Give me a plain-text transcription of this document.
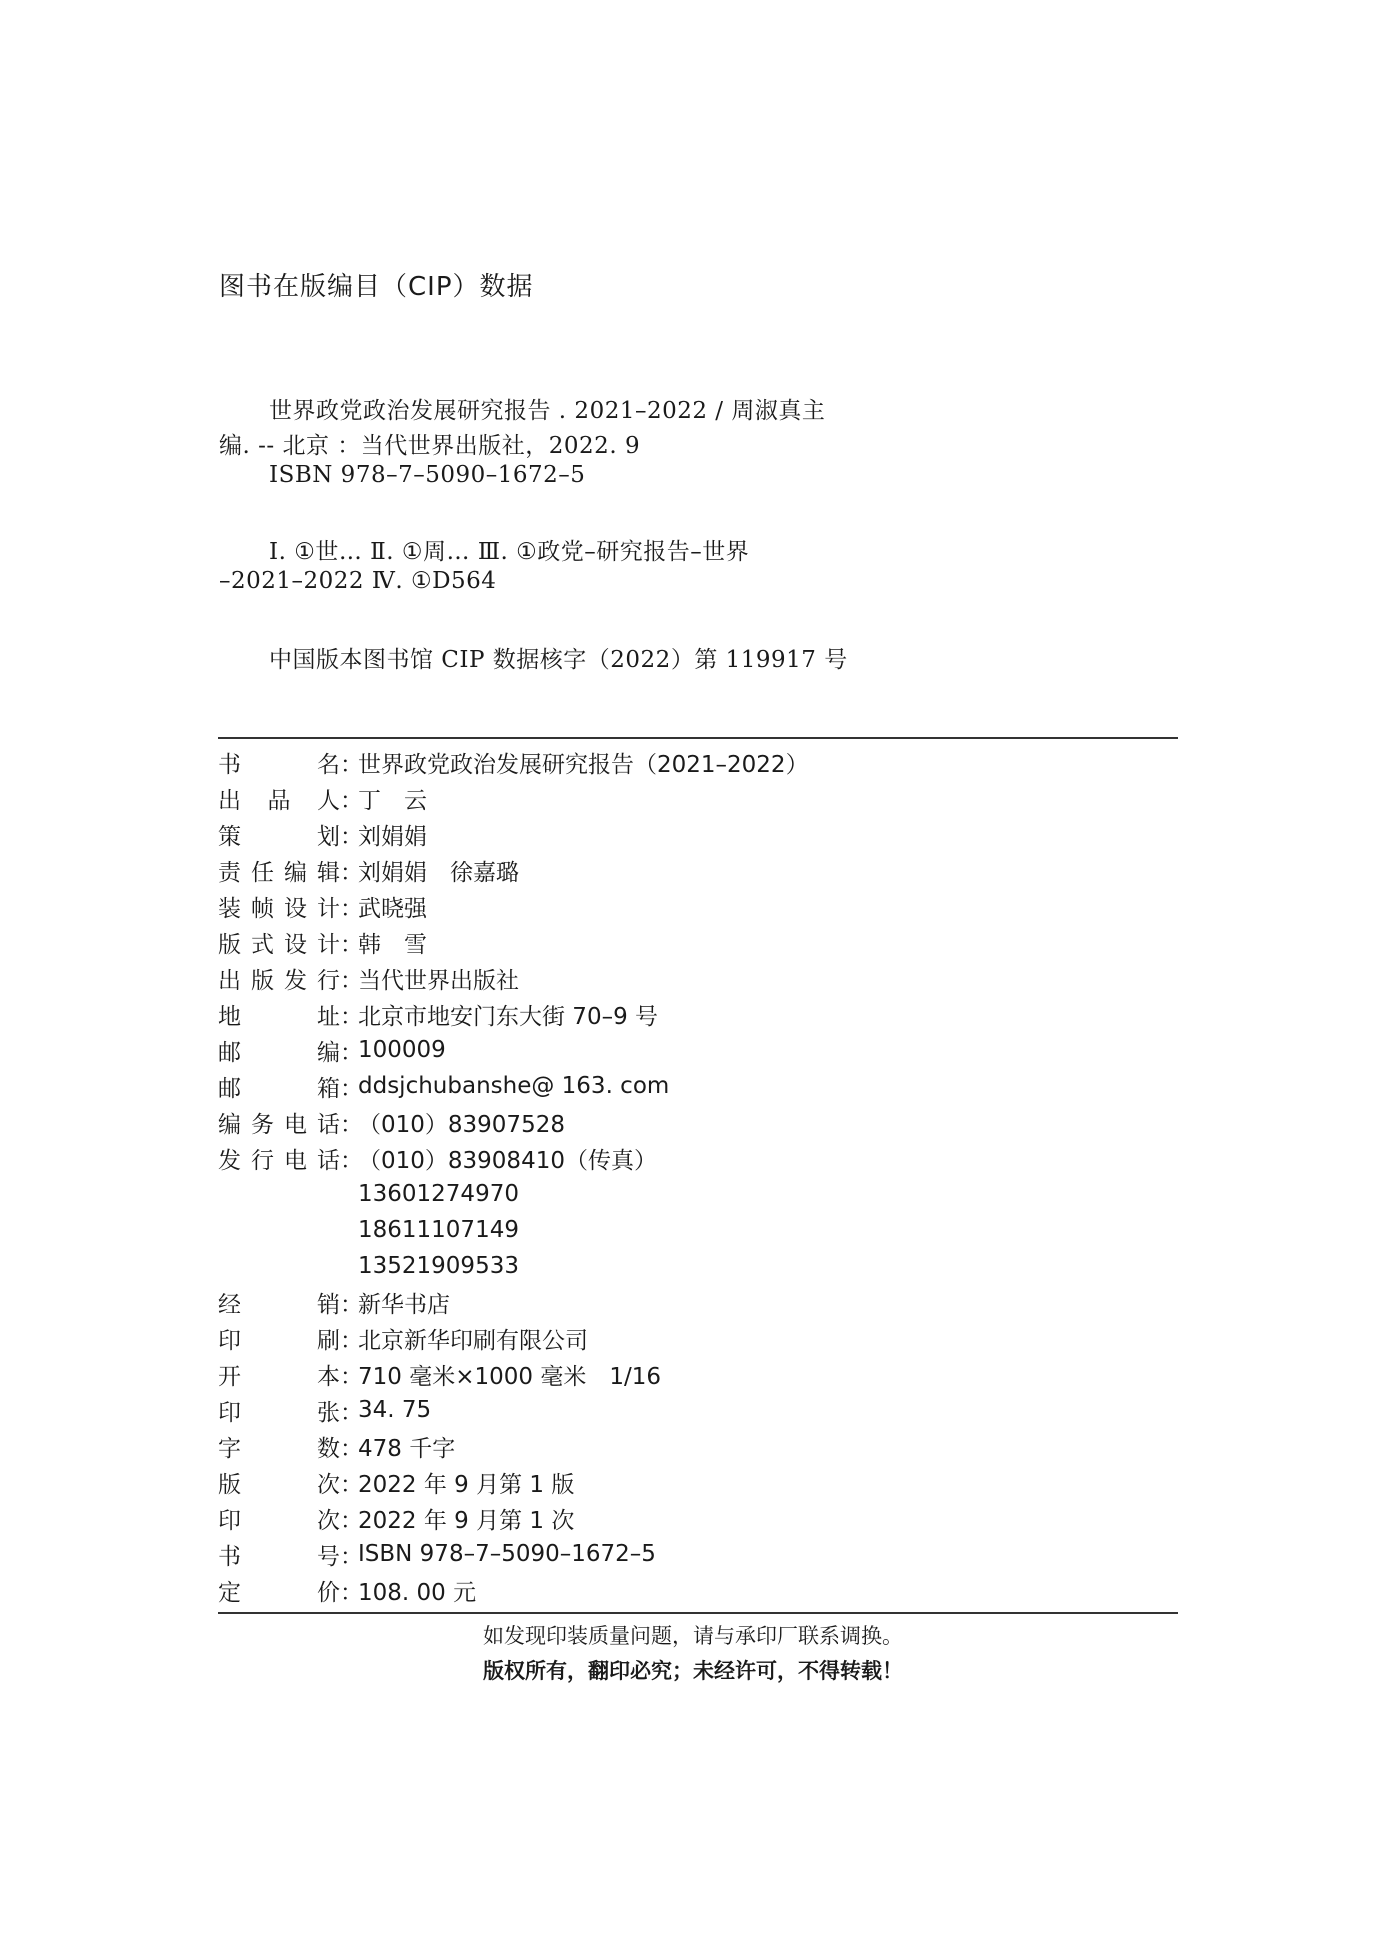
图书在版编目（CIP）数据
世界政党政治发展研究报告 . 2021–2022 / 周淑真主
编. -- 北京 ：当代世界出版社，2022. 9
ISBN 978–7–5090–1672–5
Ⅰ. ①世… Ⅱ. ①周… Ⅲ. ①政党–研究报告–世界
–2021–2022 Ⅳ. ①D564
中国版本图书馆 CIP 数据核字（2022）第 119917 号
书	名 ：
世界政党政治发展研究报告（2021–2022）
出 品 人 ：
丁　云
策	划 ：
刘娟娟
责 任 编 辑 ：
刘娟娟　徐嘉璐
装 帧 设 计 ：
武晓强
版 式 设 计 ：
韩　雪
出 版 发 行 ：
当代世界出版社
地	址 ：
北京市地安门东大街 70–9 号
邮	编 ：
100009
邮	箱 ：
ddsjchubanshe@ 163. com
编 务 电 话 ：
（010）83907528
发 行 电 话 ：
（010）83908410（传真）
13601274970
18611107149
13521909533
经	销 ：
新华书店
印	刷 ：
北京新华印刷有限公司
开	本 ：
710 毫米×1000 毫米　1/16
印	张 ：
34. 75
字	数 ：
478 千字
版	次 ：
2022 年 9 月第 1 版
印	次 ：
2022 年 9 月第 1 次
书	号 ：
ISBN 978–7–5090–1672–5
定	价 ：
108. 00 元
如发现印装质量问题，请与承印厂联系调换。
版权所有，翻印必究；未经许可，不得转载！
